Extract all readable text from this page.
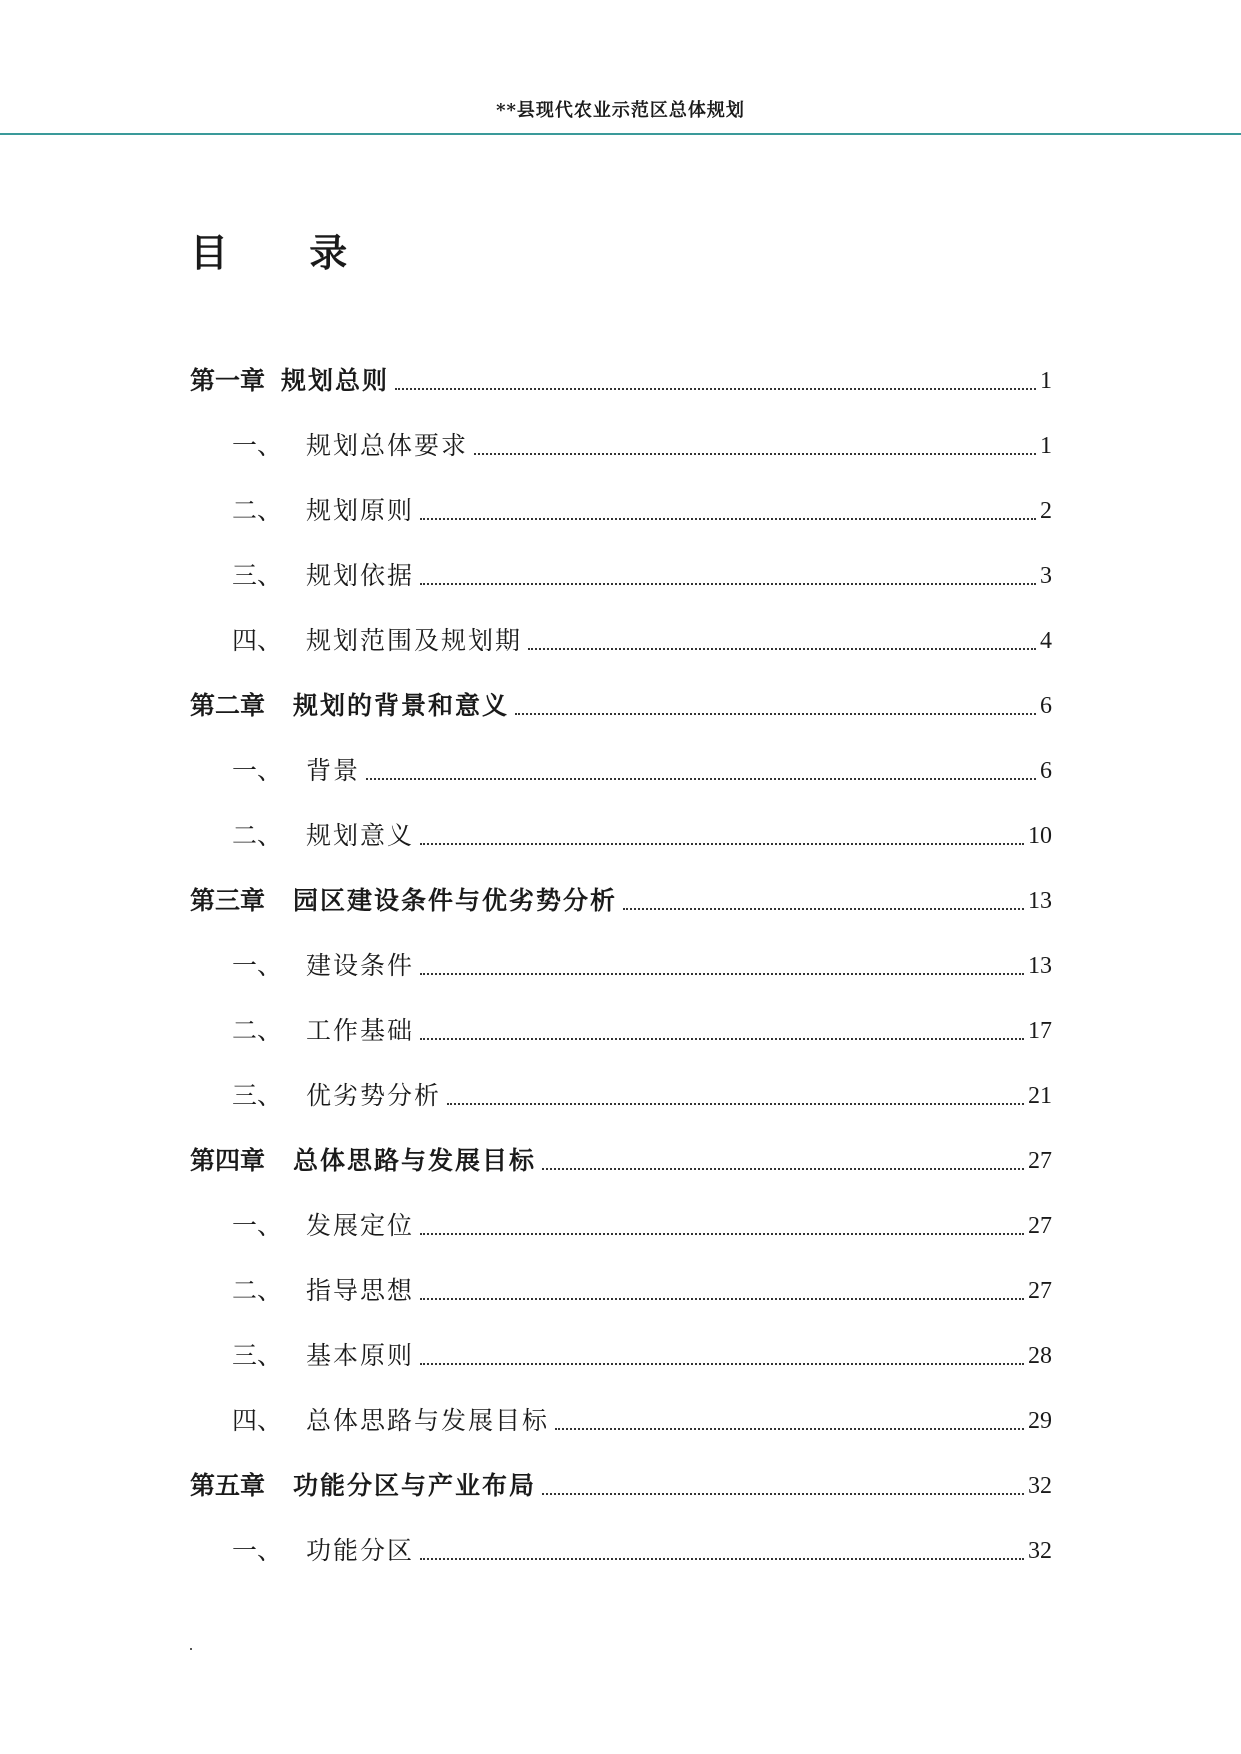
**县现代农业示范区总体规划
目 录
第一章 规划总则	1
一、 规划总体要求	1
二、 规划原则	2
三、 规划依据	3
四、 规划范围及规划期	4
第二章 规划的背景和意义	6
一、 背景	6
二、 规划意义	10
第三章 园区建设条件与优劣势分析	13
一、 建设条件	13
二、 工作基础	17
三、 优劣势分析	21
第四章 总体思路与发展目标	27
一、 发展定位	27
二、 指导思想	27
三、 基本原则	28
四、 总体思路与发展目标	29
第五章 功能分区与产业布局	32
一、 功能分区	32
